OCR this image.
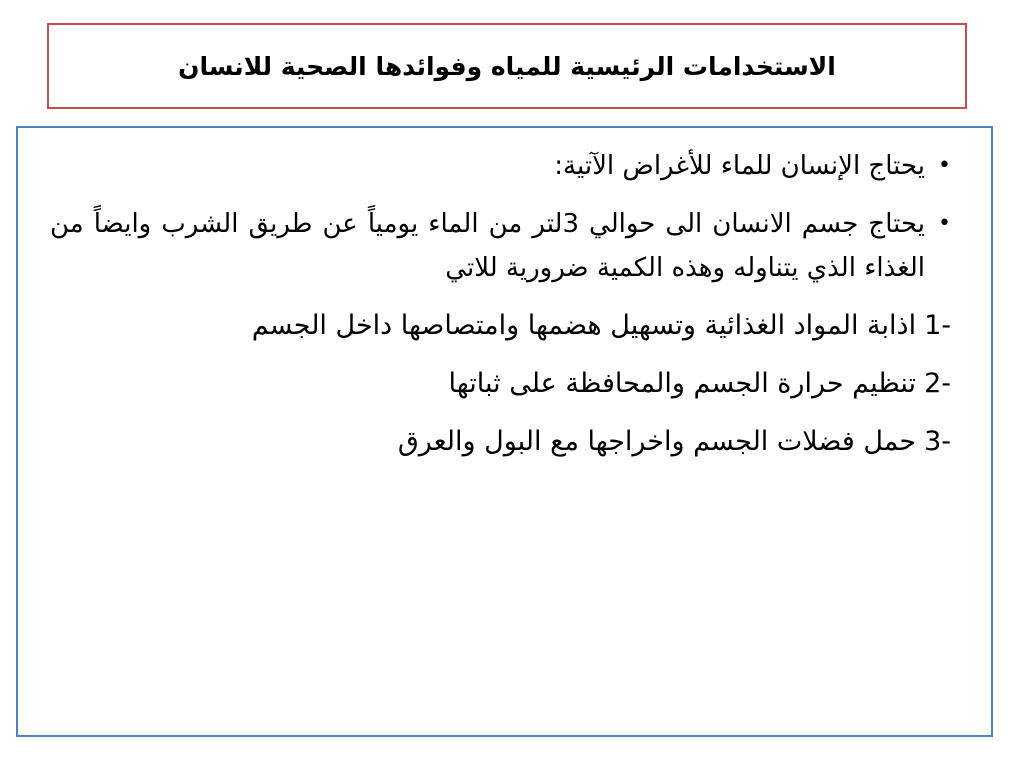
الاستخدامات الرئيسية للمياه وفوائدها الصحية للانسان
•
يحتاج الإنسان للماء للأغراض الآتية:
•
يحتاج جسم الانسان الى حوالي 3لتر من الماء يومياً عن طريق الشرب وايضاً من الغذاء الذي يتناوله وهذه الكمية ضرورية للاتي
1-اذابة المواد الغذائية وتسهيل هضمها وامتصاصها داخل الجسم
2-تنظيم حرارة الجسم والمحافظة على ثباتها
3-حمل فضلات الجسم واخراجها مع البول والعرق
